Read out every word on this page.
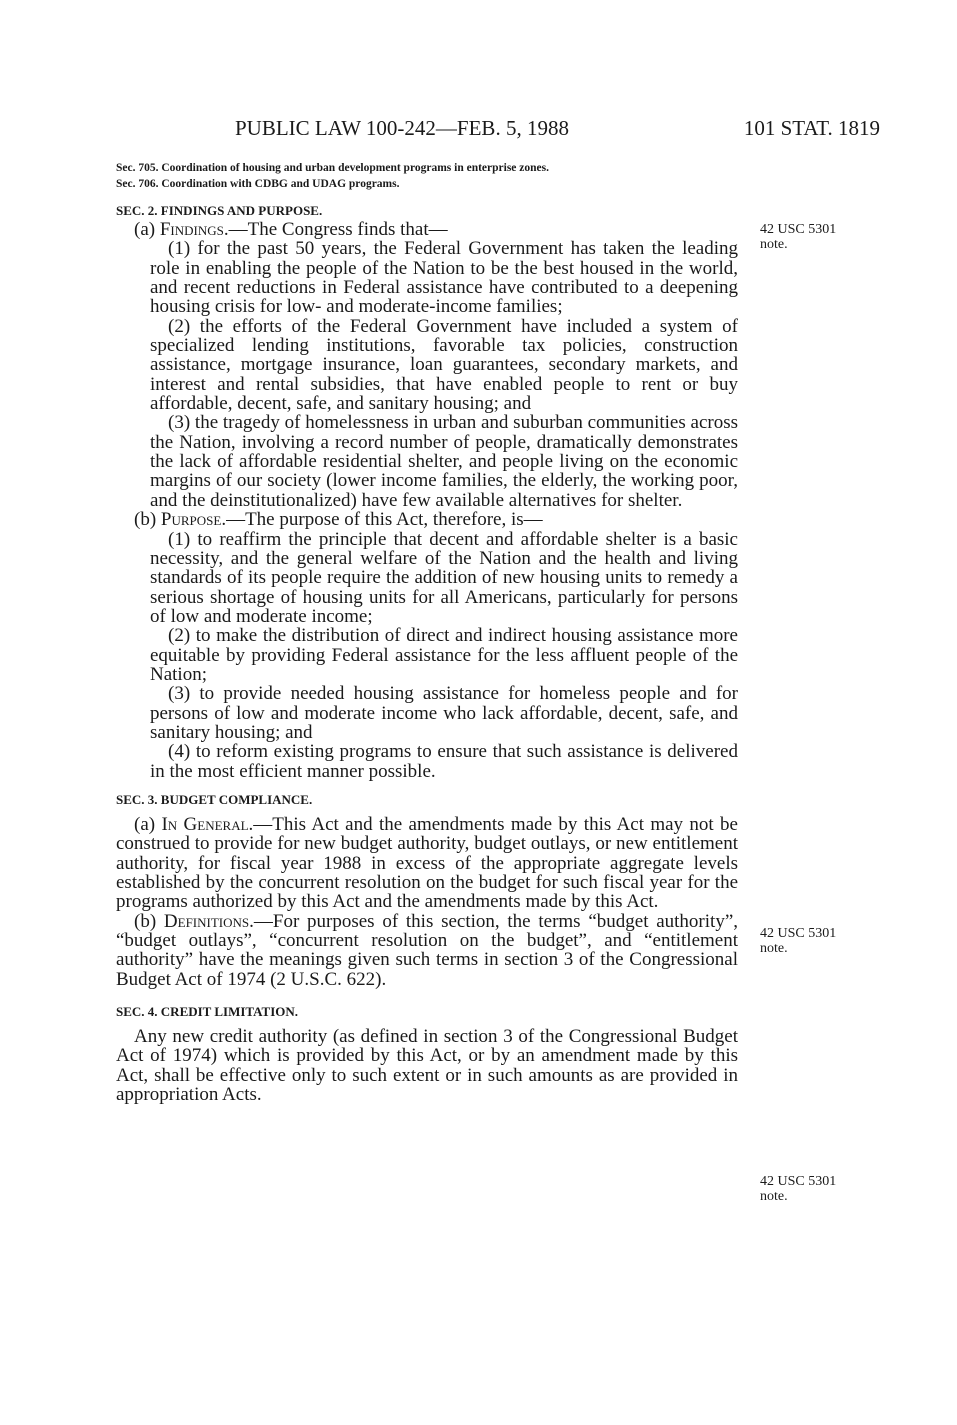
PUBLIC LAW 100-242—FEB. 5, 1988	101 STAT. 1819
42 USC 5301
note.
42 USC 5301
note.
42 USC 5301
note.

Sec. 705. Coordination of housing and urban development programs in enterprise zones.

Sec. 706. Coordination with CDBG and UDAG programs.

SEC. 2. FINDINGS AND PURPOSE.

(a) Findings.—The Congress finds that—

(1) for the past 50 years, the Federal Government has taken the leading role in enabling the people of the Nation to be the best housed in the world, and recent reductions in Federal assistance have contributed to a deepening housing crisis for low- and moderate-income families;

(2) the efforts of the Federal Government have included a system of specialized lending institutions, favorable tax policies, construction assistance, mortgage insurance, loan guarantees, secondary markets, and interest and rental subsidies, that have enabled people to rent or buy affordable, decent, safe, and sanitary housing; and

(3) the tragedy of homelessness in urban and suburban communities across the Nation, involving a record number of people, dramatically demonstrates the lack of affordable residential shelter, and people living on the economic margins of our society (lower income families, the elderly, the working poor, and the deinstitutionalized) have few available alternatives for shelter.

(b) Purpose.—The purpose of this Act, therefore, is—

(1) to reaffirm the principle that decent and affordable shelter is a basic necessity, and the general welfare of the Nation and the health and living standards of its people require the addition of new housing units to remedy a serious shortage of housing units for all Americans, particularly for persons of low and moderate income;

(2) to make the distribution of direct and indirect housing assistance more equitable by providing Federal assistance for the less affluent people of the Nation;

(3) to provide needed housing assistance for homeless people and for persons of low and moderate income who lack affordable, decent, safe, and sanitary housing; and

(4) to reform existing programs to ensure that such assistance is delivered in the most efficient manner possible.

SEC. 3. BUDGET COMPLIANCE.

(a) In General.—This Act and the amendments made by this Act may not be construed to provide for new budget authority, budget outlays, or new entitlement authority, for fiscal year 1988 in excess of the appropriate aggregate levels established by the concurrent resolution on the budget for such fiscal year for the programs authorized by this Act and the amendments made by this Act.

(b) Definitions.—For purposes of this section, the terms “budget authority”, “budget outlays”, “concurrent resolution on the budget”, and “entitlement authority” have the meanings given such terms in section 3 of the Congressional Budget Act of 1974 (2 U.S.C. 622).

SEC. 4. CREDIT LIMITATION.

Any new credit authority (as defined in section 3 of the Congressional Budget Act of 1974) which is provided by this Act, or by an amendment made by this Act, shall be effective only to such extent or in such amounts as are provided in appropriation Acts.
